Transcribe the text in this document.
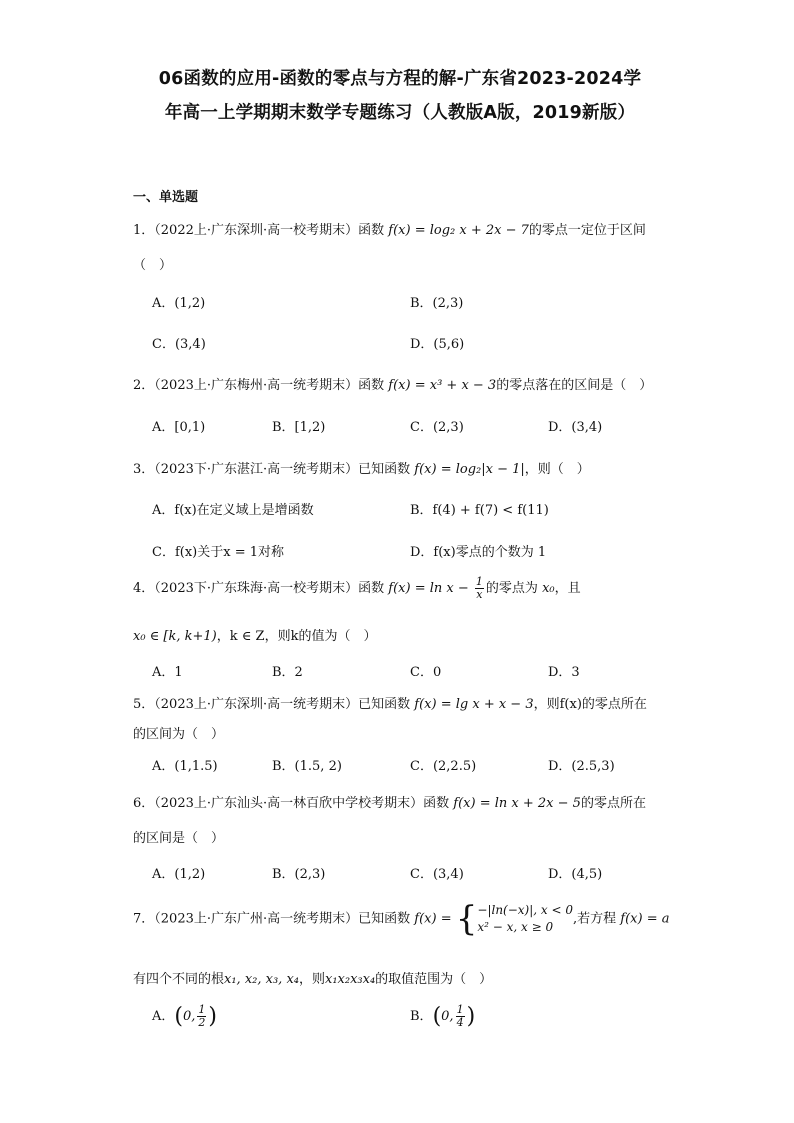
06函数的应用-函数的零点与方程的解-广东省2023-2024学
年高一上学期期末数学专题练习（人教版A版，2019新版）
一、单选题
1．（2022上·广东深圳·高一校考期末）函数 f(x) = log₂ x + 2x − 7的零点一定位于区间
（　）
A．(1,2)	B．(2,3)
C．(3,4)	D．(5,6)
2．（2023上·广东梅州·高一统考期末）函数 f(x) = x³ + x − 3的零点落在的区间是（　）
A．[0,1)	B．[1,2)	C．(2,3)	D．(3,4)
3．（2023下·广东湛江·高一统考期末）已知函数 f(x) = log₂|x − 1|，则（　）
A．f(x)在定义域上是增函数	B．f(4) + f(7) < f(11)
C．f(x)关于x = 1对称	D．f(x)零点的个数为 1
4．（2023下·广东珠海·高一校考期末）函数 $f(x) = \ln x - \frac{1}{x}$ 的零点为 x₀，且
x₀ ∈ [k, k+1)，k ∈ Z，则k的值为（　）
A．1	B．2	C．0	D．3
5．（2023上·广东深圳·高一统考期末）已知函数 f(x) = lg x + x − 3，则f(x)的零点所在
的区间为（　）
A．(1,1.5)	B．(1.5, 2)	C．(2,2.5)	D．(2.5,3)
6．（2023上·广东汕头·高一林百欣中学校考期末）函数 f(x) = ln x + 2x − 5的零点所在
的区间是（　）
A．(1,2)	B．(2,3)	C．(3,4)	D．(4,5)
7．（2023上·广东广州·高一统考期末）已知函数 f(x) = { −|ln(−x)|, x < 0
x² − x, x ≥ 0
,若方程 f(x) = a
有四个不同的根x₁, x₂, x₃, x₄，则x₁x₂x₃x₄的取值范围为（　）
A．(0, $\frac{1}{2}$ )	B．(0, $\frac{1}{4}$ )
